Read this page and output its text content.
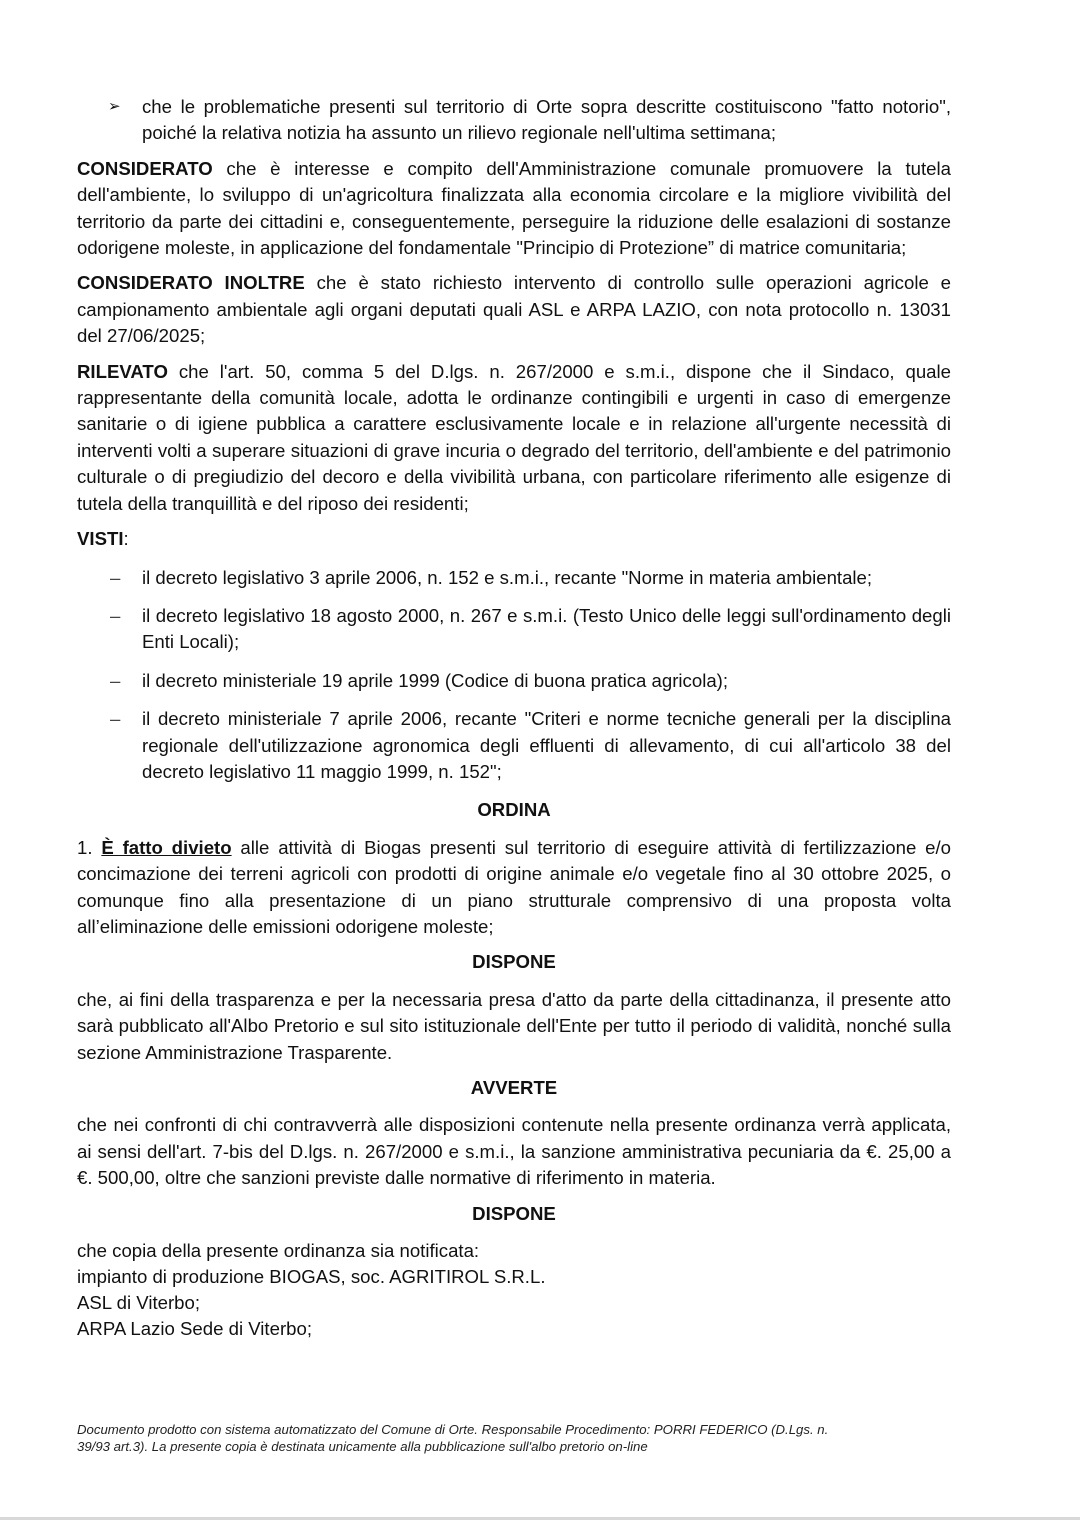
➢ che le problematiche presenti sul territorio di Orte sopra descritte costituiscono "fatto notorio", poiché la relativa notizia ha assunto un rilievo regionale nell'ultima settimana;

CONSIDERATO che è interesse e compito dell'Amministrazione comunale promuovere la tutela dell'ambiente, lo sviluppo di un'agricoltura finalizzata alla economia circolare e la migliore vivibilità del territorio da parte dei cittadini e, conseguentemente, perseguire la riduzione delle esalazioni di sostanze odorigene moleste, in applicazione del fondamentale "Principio di Protezione” di matrice comunitaria;

CONSIDERATO INOLTRE che è stato richiesto intervento di controllo sulle operazioni agricole e campionamento ambientale agli organi deputati quali ASL e ARPA LAZIO, con nota protocollo n. 13031 del 27/06/2025;

RILEVATO che l'art. 50, comma 5 del D.lgs. n. 267/2000 e s.m.i., dispone che il Sindaco, quale rappresentante della comunità locale, adotta le ordinanze contingibili e urgenti in caso di emergenze sanitarie o di igiene pubblica a carattere esclusivamente locale e in relazione all'urgente necessità di interventi volti a superare situazioni di grave incuria o degrado del territorio, dell'ambiente e del patrimonio culturale o di pregiudizio del decoro e della vivibilità urbana, con particolare riferimento alle esigenze di tutela della tranquillità e del riposo dei residenti;

VISTI:

– il decreto legislativo 3 aprile 2006, n. 152 e s.m.i., recante "Norme in materia ambientale;
– il decreto legislativo 18 agosto 2000, n. 267 e s.m.i. (Testo Unico delle leggi sull'ordinamento degli Enti Locali);
– il decreto ministeriale 19 aprile 1999 (Codice di buona pratica agricola);
– il decreto ministeriale 7 aprile 2006, recante "Criteri e norme tecniche generali per la disciplina regionale dell'utilizzazione agronomica degli effluenti di allevamento, di cui all'articolo 38 del decreto legislativo 11 maggio 1999, n. 152";

ORDINA

1. È fatto divieto alle attività di Biogas presenti sul territorio di eseguire attività di fertilizzazione e/o concimazione dei terreni agricoli con prodotti di origine animale e/o vegetale fino al 30 ottobre 2025, o comunque fino alla presentazione di un piano strutturale comprensivo di una proposta volta all’eliminazione delle emissioni odorigene moleste;

DISPONE

che, ai fini della trasparenza e per la necessaria presa d'atto da parte della cittadinanza, il presente atto sarà pubblicato all'Albo Pretorio e sul sito istituzionale dell'Ente per tutto il periodo di validità, nonché sulla sezione Amministrazione Trasparente.

AVVERTE

che nei confronti di chi contravverrà alle disposizioni contenute nella presente ordinanza verrà applicata, ai sensi dell'art. 7-bis del D.lgs. n. 267/2000 e s.m.i., la sanzione amministrativa pecuniaria da €. 25,00 a €. 500,00, oltre che sanzioni previste dalle normative di riferimento in materia.

DISPONE

che copia della presente ordinanza sia notificata:

impianto di produzione BIOGAS, soc. AGRITIROL S.R.L.

ASL di Viterbo;

ARPA Lazio Sede di Viterbo;

Documento prodotto con sistema automatizzato del Comune di Orte. Responsabile Procedimento: PORRI FEDERICO (D.Lgs. n.

39/93 art.3). La presente copia è destinata unicamente alla pubblicazione sull'albo pretorio on-line
